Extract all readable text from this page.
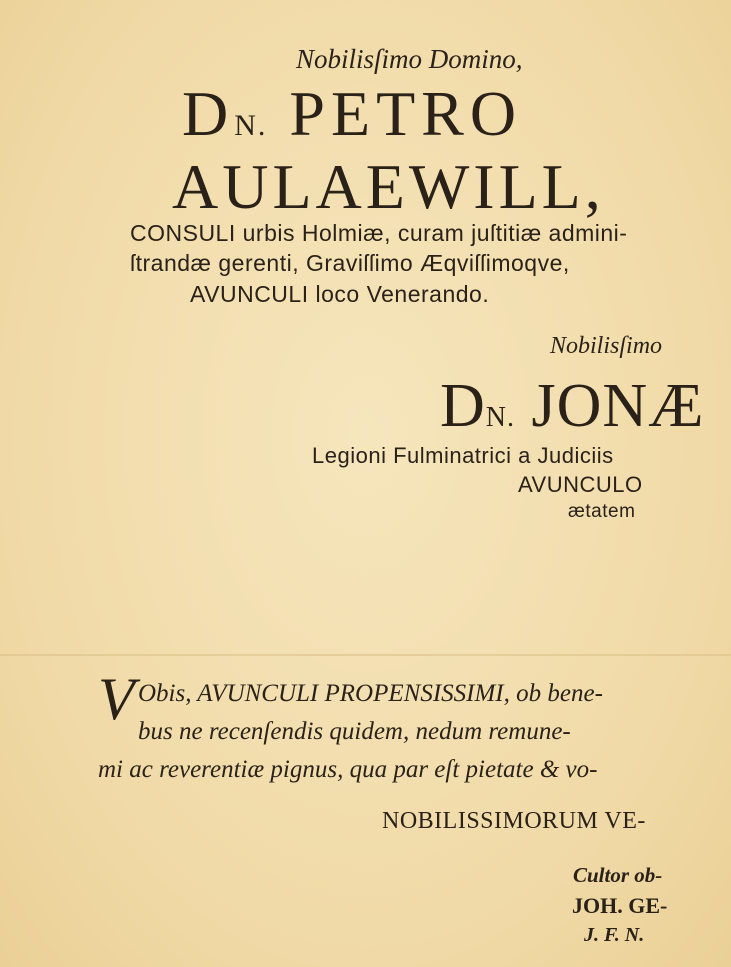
Nobilisſimo Domino,
DN. PETRO
AULAEWILL,
CONSULI urbis Holmiæ, curam juſtitiæ admini-
ſtrandæ gerenti, Graviſſimo Æqviſſimoqve,
AVUNCULI loco Venerando.
Nobilisſimo
DN. JONÆ
Legioni Fulminatrici a Judiciis
AVUNCULO
ætatem
V Obis, AVUNCULI PROPENSISSIMI, ob bene-
bus ne recenſendis quidem, nedum remune-
mi ac reverentiæ pignus, qua par eſt pietate & vo-
NOBILISSIMORUM VE-
Cultor ob-
JOH. GE-
J. F. N.
